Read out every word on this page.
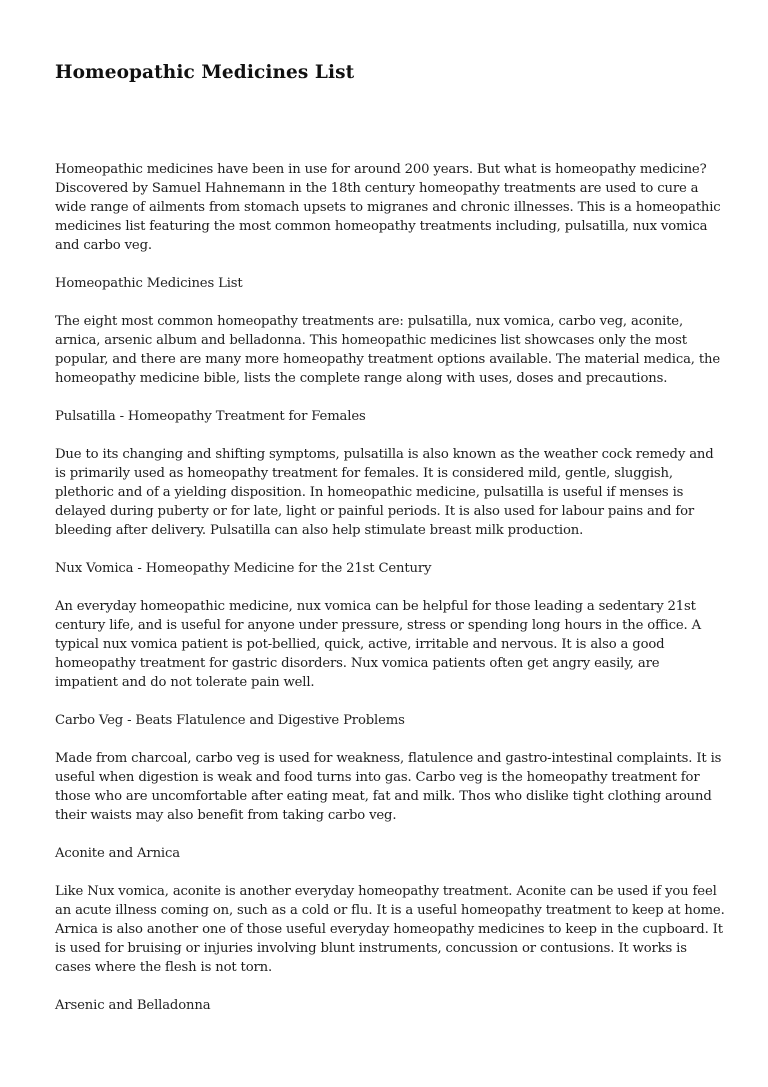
Homeopathic Medicines List

Homeopathic medicines have been in use for around 200 years. But what is homeopathy medicine? Discovered by Samuel Hahnemann in the 18th century homeopathy treatments are used to cure a wide range of ailments from stomach upsets to migranes and chronic illnesses. This is a homeopathic medicines list featuring the most common homeopathy treatments including, pulsatilla, nux vomica and carbo veg.

Homeopathic Medicines List

The eight most common homeopathy treatments are: pulsatilla, nux vomica, carbo veg, aconite, arnica, arsenic album and belladonna. This homeopathic medicines list showcases only the most popular, and there are many more homeopathy treatment options available. The material medica, the homeopathy medicine bible, lists the complete range along with uses, doses and precautions.

Pulsatilla - Homeopathy Treatment for Females

Due to its changing and shifting symptoms, pulsatilla is also known as the weather cock remedy and is primarily used as homeopathy treatment for females. It is considered mild, gentle, sluggish, plethoric and of a yielding disposition. In homeopathic medicine, pulsatilla is useful if menses is delayed during puberty or for late, light or painful periods. It is also used for labour pains and for bleeding after delivery. Pulsatilla can also help stimulate breast milk production.

Nux Vomica - Homeopathy Medicine for the 21st Century

An everyday homeopathic medicine, nux vomica can be helpful for those leading a sedentary 21st century life, and is useful for anyone under pressure, stress or spending long hours in the office. A typical nux vomica patient is pot-bellied, quick, active, irritable and nervous. It is also a good homeopathy treatment for gastric disorders. Nux vomica patients often get angry easily, are impatient and do not tolerate pain well.

Carbo Veg - Beats Flatulence and Digestive Problems

Made from charcoal, carbo veg is used for weakness, flatulence and gastro-intestinal complaints. It is useful when digestion is weak and food turns into gas. Carbo veg is the homeopathy treatment for those who are uncomfortable after eating meat, fat and milk. Thos who dislike tight clothing around their waists may also benefit from taking carbo veg.

Aconite and Arnica

Like Nux vomica, aconite is another everyday homeopathy treatment. Aconite can be used if you feel an acute illness coming on, such as a cold or flu. It is a useful homeopathy treatment to keep at home. Arnica is also another one of those useful everyday homeopathy medicines to keep in the cupboard. It is used for bruising or injuries involving blunt instruments, concussion or contusions. It works is cases where the flesh is not torn.

Arsenic and Belladonna
